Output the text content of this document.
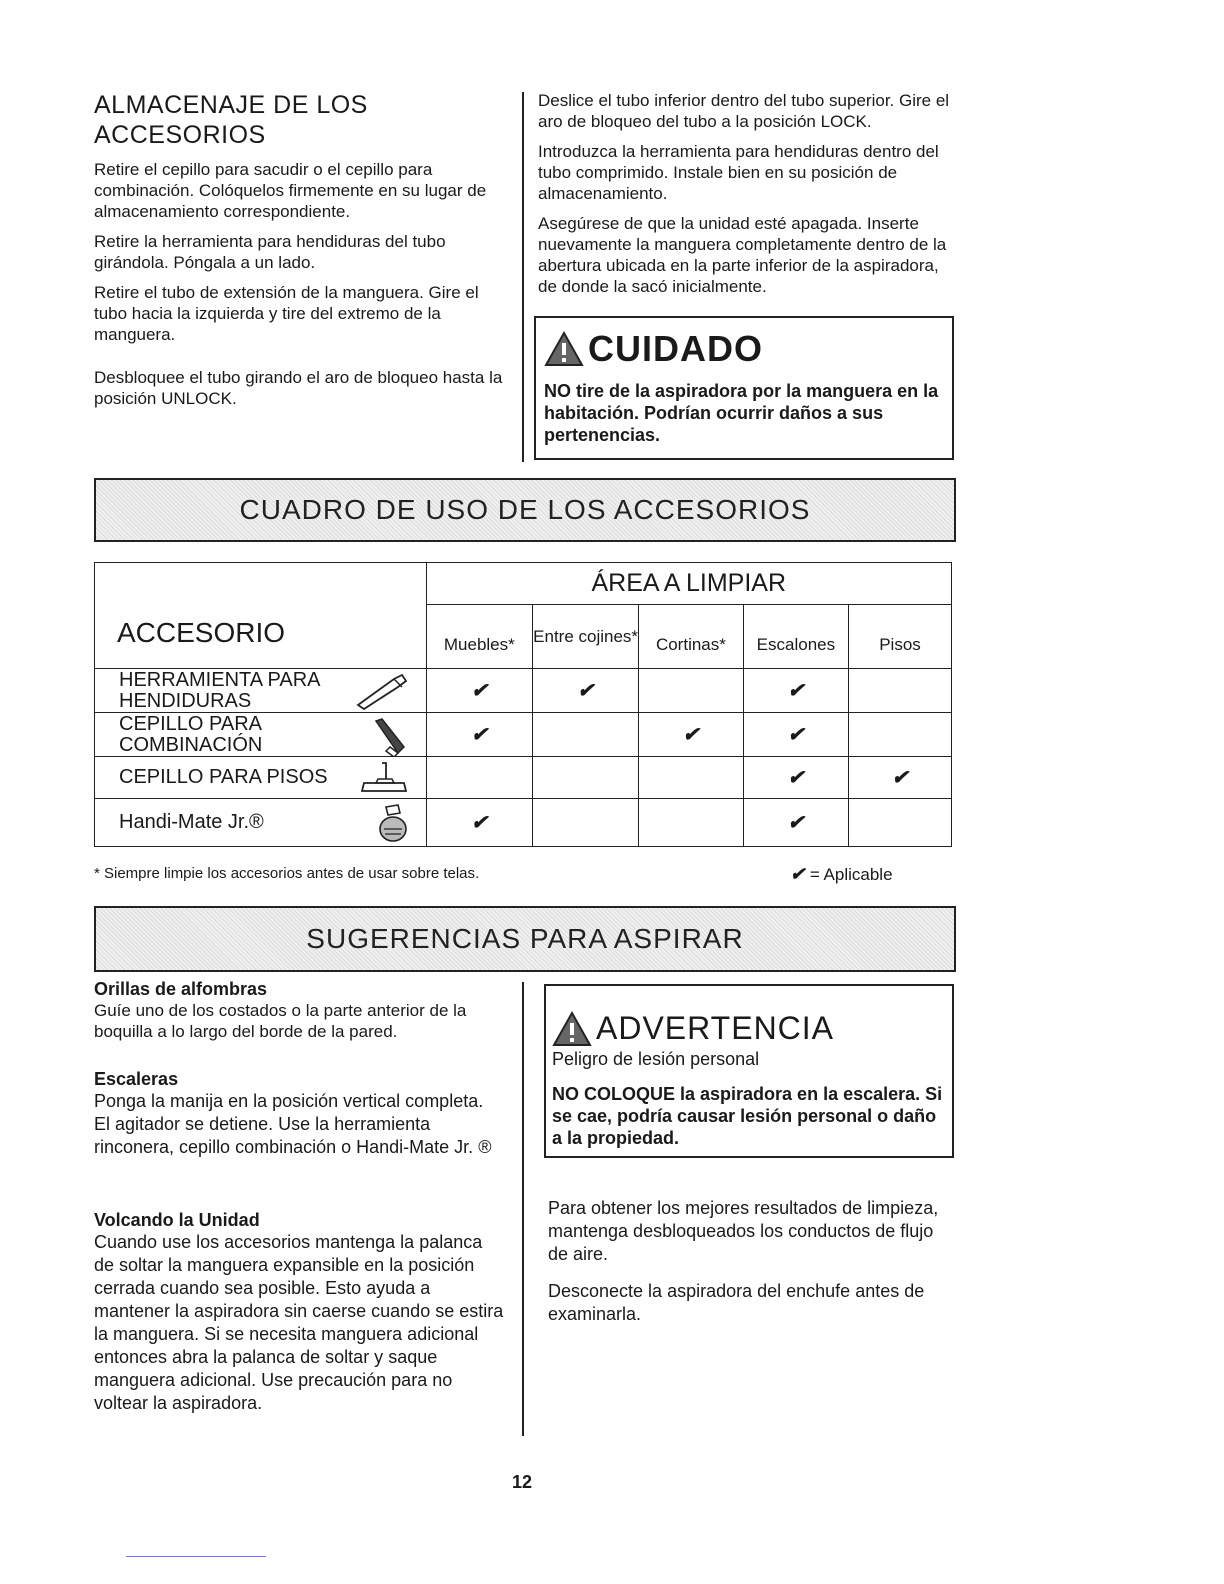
ALMACENAJE DE LOS
ACCESORIOS

Retire el cepillo para sacudir o el cepillo para combinación. Colóquelos firmemente en su lugar de almacenamiento correspondiente.

Retire la herramienta para hendiduras del tubo girándola. Póngala a un lado.

Retire el tubo de extensión de la manguera. Gire el tubo hacia la izquierda y tire del extremo de la manguera.

Desbloquee el tubo girando el aro de bloqueo hasta la posición UNLOCK.

Deslice el tubo inferior dentro del tubo superior. Gire el aro de bloqueo del tubo a la posición LOCK.

Introduzca la herramienta para hendiduras dentro del tubo comprimido. Instale bien en su posición de almacenamiento.

Asegúrese de que la unidad esté apagada. Inserte nuevamente la manguera completamente dentro de la abertura ubicada en la parte inferior de la aspiradora, de donde la sacó inicialmente.

CUIDADO

NO tire de la aspiradora por la manguera en la habitación. Podrían ocurrir daños a sus pertenencias.

CUADRO DE USO DE LOS ACCESORIOS
ACCESORIO	ÁREA A LIMPIAR				
	Muebles*	Entre cojines*	Cortinas*	Escalones	Pisos
HERRAMIENTA PARA
HENDIDURAS	✔	✔		✔	
CEPILLO PARA
COMBINACIÓN	✔		✔	✔	
CEPILLO PARA PISOS				✔	✔
Handi-Mate Jr.®	✔			✔	

* Siempre limpie los accesorios antes de usar sobre telas.	✔ = Aplicable

SUGERENCIAS PARA ASPIRAR

Orillas de alfombras

Guíe uno de los costados o la parte anterior de la boquilla a lo largo del borde de la pared.

Escaleras

Ponga la manija en la posición vertical completa. El agitador se detiene. Use la herramienta rinconera, cepillo combinación o Handi-Mate Jr. ®

Volcando la Unidad

Cuando use los accesorios mantenga la palanca de soltar la manguera expansible en la posición cerrada cuando sea posible. Esto ayuda a mantener la aspiradora sin caerse cuando se estira la manguera. Si se necesita manguera adicional entonces abra la palanca de soltar y saque manguera adicional. Use precaución para no voltear la aspiradora.

ADVERTENCIA

Peligro de lesión personal

NO COLOQUE la aspiradora en la escalera. Si se cae, podría causar lesión personal o daño a la propiedad.

Para obtener los mejores resultados de limpieza, mantenga desbloqueados los conductos de flujo de aire.

Desconecte la aspiradora del enchufe antes de examinarla.

12
